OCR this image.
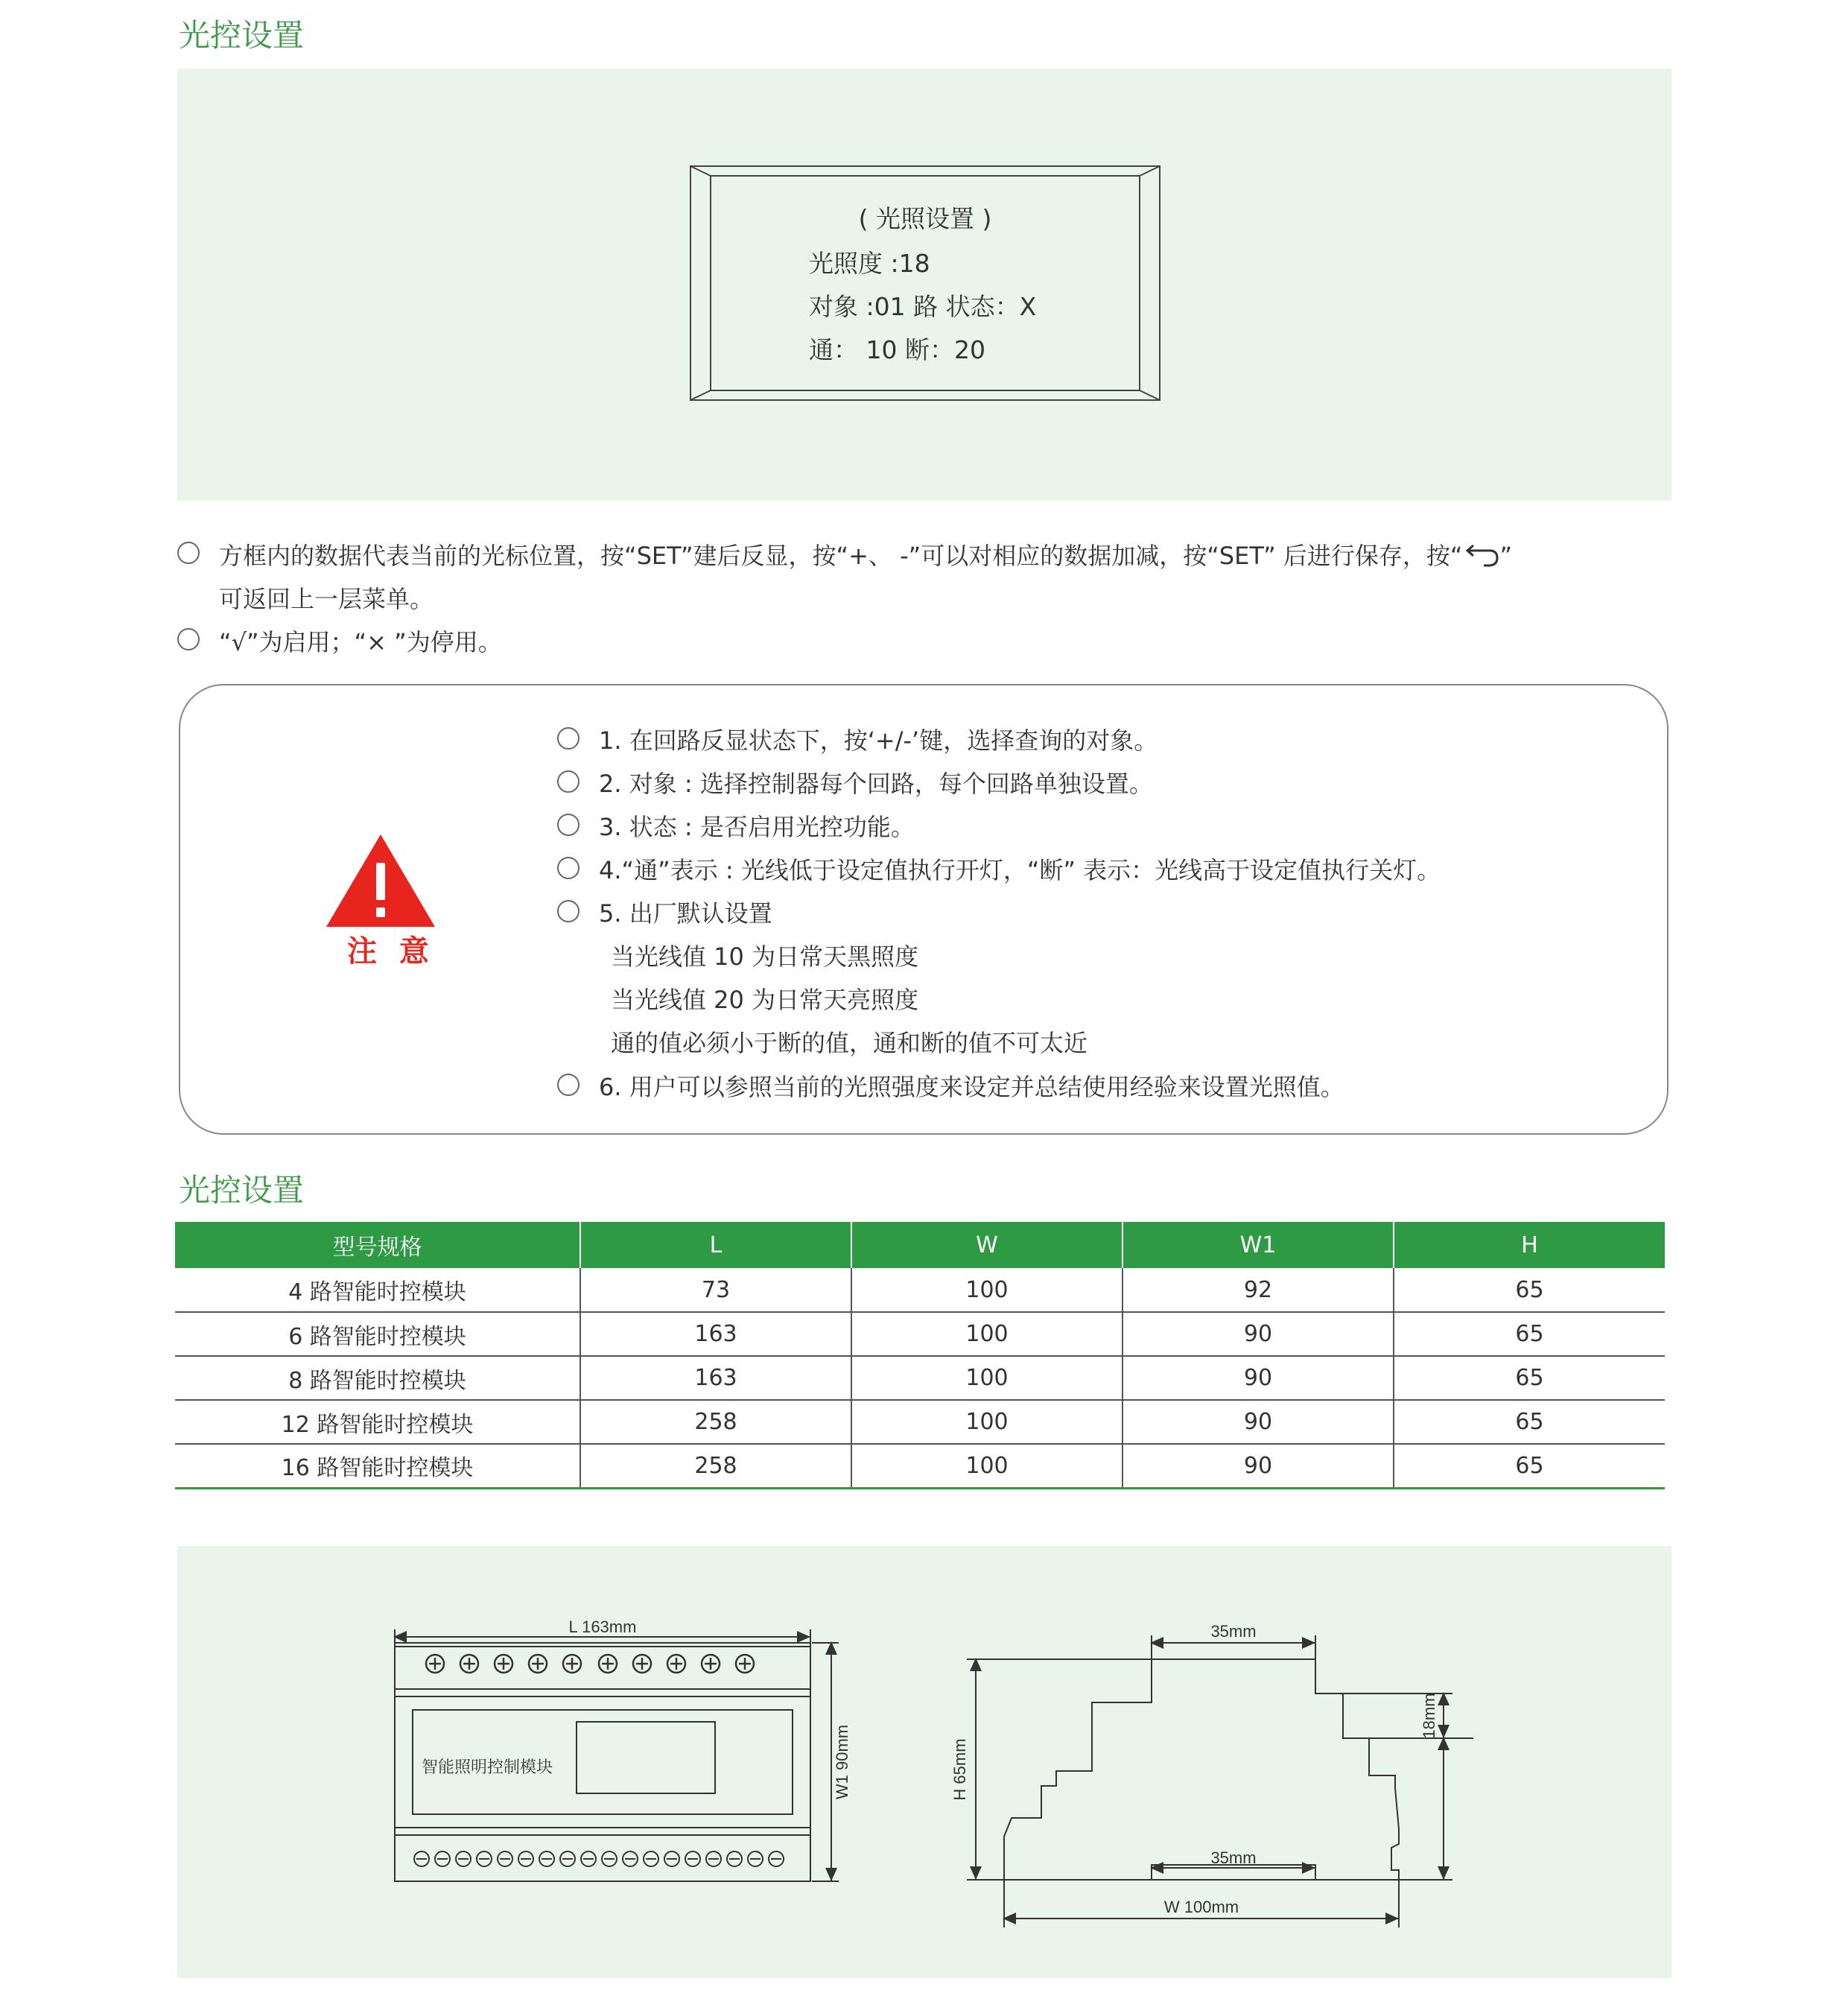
光控设置
( 光照设置 )
光照度 :18
对象 :01 路 状态：X
通： 10 断：20
方框内的数据代表当前的光标位置，按“SET”建后反显，按“+、 -”可以对相应的数据加减，按“SET” 后进行保存，按“ ”
可返回上一层菜单。
“√”为启用；“× ”为停用。
注 意
1. 在回路反显状态下，按‘+/-’键，选择查询的对象。
2. 对象 : 选择控制器每个回路，每个回路单独设置。
3. 状态 : 是否启用光控功能。
4.“通”表示 : 光线低于设定值执行开灯，“断” 表示：光线高于设定值执行关灯。
5. 出厂默认设置
当光线值 10 为日常天黑照度
当光线值 20 为日常天亮照度
通的值必须小于断的值，通和断的值不可太近
6. 用户可以参照当前的光照强度来设定并总结使用经验来设置光照值。
光控设置
型号规格	L	W	W1	H
4 路智能时控模块	73	100	92	65
6 路智能时控模块	163	100	90	65
8 路智能时控模块	163	100	90	65
12 路智能时控模块	258	100	90	65
16 路智能时控模块	258	100	90	65
L 163mm
智能照明控制模块	W1 90mm
35mm
35mm
W 100mm
H 65mm
18mm
